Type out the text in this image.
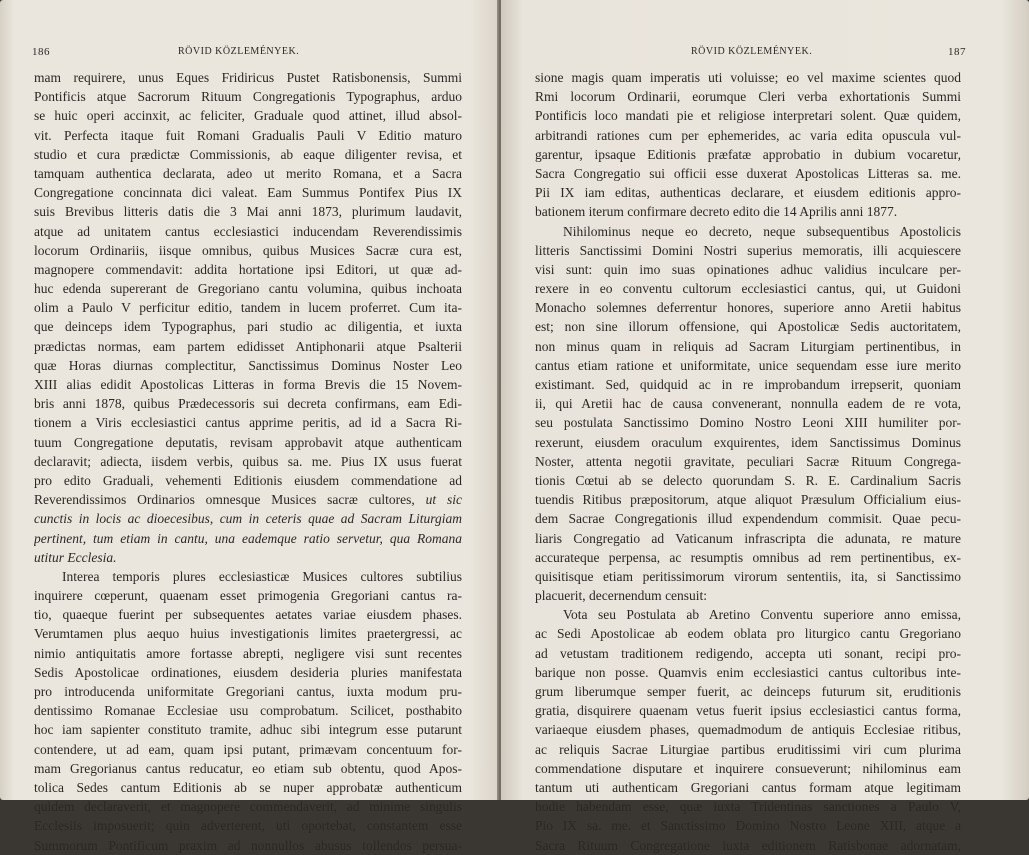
186	RÖVID KÖZLEMÉNYEK.
mam requirere, unus Eques Fridiricus Pustet Ratisbonensis, Summi
Pontificis atque Sacrorum Rituum Congregationis Typographus, arduo
se huic operi accinxit, ac feliciter, Graduale quod attinet, illud absol-
vit. Perfecta itaque fuit Romani Gradualis Pauli V Editio maturo
studio et cura prædictæ Commissionis, ab eaque diligenter revisa, et
tamquam authentica declarata, adeo ut merito Romana, et a Sacra
Congregatione concinnata dici valeat. Eam Summus Pontifex Pius IX
suis Brevibus litteris datis die 3 Mai anni 1873, plurimum laudavit,
atque ad unitatem cantus ecclesiastici inducendam Reverendissimis
locorum Ordinariis, iisque omnibus, quibus Musices Sacræ cura est,
magnopere commendavit: addita hortatione ipsi Editori, ut quæ ad-
huc edenda supererant de Gregoriano cantu volumina, quibus inchoata
olim a Paulo V perficitur editio, tandem in lucem proferret. Cum ita-
que deinceps idem Typographus, pari studio ac diligentia, et iuxta
prædictas normas, eam partem edidisset Antiphonarii atque Psalterii
quæ Horas diurnas complectitur, Sanctissimus Dominus Noster Leo
XIII alias edidit Apostolicas Litteras in forma Brevis die 15 Novem-
bris anni 1878, quibus Prædecessoris sui decreta confirmans, eam Edi-
tionem a Viris ecclesiastici cantus apprime peritis, ad id a Sacra Ri-
tuum Congregatione deputatis, revisam approbavit atque authenticam
declaravit; adiecta, iisdem verbis, quibus sa. me. Pius IX usus fuerat
pro edito Graduali, vehementi Editionis eiusdem commendatione ad
Reverendissimos Ordinarios omnesque Musices sacræ cultores, ut sic
cunctis in locis ac dioecesibus, cum in ceteris quae ad Sacram Liturgiam
pertinent, tum etiam in cantu, una eademque ratio servetur, qua Romana
utitur Ecclesia.
Interea temporis plures ecclesiasticæ Musices cultores subtilius
inquirere cœperunt, quaenam esset primogenia Gregoriani cantus ra-
tio, quaeque fuerint per subsequentes aetates variae eiusdem phases.
Verumtamen plus aequo huius investigationis limites praetergressi, ac
nimio antiquitatis amore fortasse abrepti, negligere visi sunt recentes
Sedis Apostolicae ordinationes, eiusdem desideria pluries manifestata
pro introducenda uniformitate Gregoriani cantus, iuxta modum pru-
dentissimo Romanae Ecclesiae usu comprobatum. Scilicet, posthabito
hoc iam sapienter constituto tramite, adhuc sibi integrum esse putarunt
contendere, ut ad eam, quam ipsi putant, primævam concentuum for-
mam Gregorianus cantus reducatur, eo etiam sub obtentu, quod Apos-
tolica Sedes cantum Editionis ab se nuper approbatæ authenticum
quidem declaraverit, et magnopere commendaverit, ad minime singulis
Ecclesiis imposuerit; quin adverterent, uti oportebat, constantem esse
Summorum Pontificum praxim ad nonnullos abusus tollendos persua-
RÖVID KÖZLEMÉNYEK.	187
sione magis quam imperatis uti voluisse; eo vel maxime scientes quod
Rmi locorum Ordinarii, eorumque Cleri verba exhortationis Summi
Pontificis loco mandati pie et religiose interpretari solent. Quæ quidem,
arbitrandi rationes cum per ephemerides, ac varia edita opuscula vul-
garentur, ipsaque Editionis præfatæ approbatio in dubium vocaretur,
Sacra Congregatio sui officii esse duxerat Apostolicas Litteras sa. me.
Pii IX iam editas, authenticas declarare, et eiusdem editionis appro-
bationem iterum confirmare decreto edito die 14 Aprilis anni 1877.
Nihilominus neque eo decreto, neque subsequentibus Apostolicis
litteris Sanctissimi Domini Nostri superius memoratis, illi acquiescere
visi sunt: quin imo suas opinationes adhuc validius inculcare per-
rexere in eo conventu cultorum ecclesiastici cantus, qui, ut Guidoni
Monacho solemnes deferrentur honores, superiore anno Aretii habitus
est; non sine illorum offensione, qui Apostolicæ Sedis auctoritatem,
non minus quam in reliquis ad Sacram Liturgiam pertinentibus, in
cantus etiam ratione et uniformitate, unice sequendam esse iure merito
existimant. Sed, quidquid ac in re improbandum irrepserit, quoniam
ii, qui Aretii hac de causa convenerant, nonnulla eadem de re vota,
seu postulata Sanctissimo Domino Nostro Leoni XIII humiliter por-
rexerunt, eiusdem oraculum exquirentes, idem Sanctissimus Dominus
Noster, attenta negotii gravitate, peculiari Sacræ Rituum Congrega-
tionis Cœtui ab se delecto quorundam S. R. E. Cardinalium Sacris
tuendis Ritibus præpositorum, atque aliquot Præsulum Officialium eius-
dem Sacrae Congregationis illud expendendum commisit. Quae pecu-
liaris Congregatio ad Vaticanum infrascripta die adunata, re mature
accurateque perpensa, ac resumptis omnibus ad rem pertinentibus, ex-
quisitisque etiam peritissimorum virorum sententiis, ita, si Sanctissimo
placuerit, decernendum censuit:
Vota seu Postulata ab Aretino Conventu superiore anno emissa,
ac Sedi Apostolicae ab eodem oblata pro liturgico cantu Gregoriano
ad vetustam traditionem redigendo, accepta uti sonant, recipi pro-
barique non posse. Quamvis enim ecclesiastici cantus cultoribus inte-
grum liberumque semper fuerit, ac deinceps futurum sit, eruditionis
gratia, disquirere quaenam vetus fuerit ipsius ecclesiastici cantus forma,
variaeque eiusdem phases, quemadmodum de antiquis Ecclesiae ritibus,
ac reliquis Sacrae Liturgiae partibus eruditissimi viri cum plurima
commendatione disputare et inquirere consueverunt; nihilominus eam
tantum uti authenticam Gregoriani cantus formam atque legitimam
hodie habendam esse, quæ iuxta Tridentinas sanctiones a Paulo V,
Pio IX sa. me. et Sanctissimo Domino Nostro Leone XIII, atque a
Sacra Rituum Congregatione iuxta editionem Ratisbonae adornatam,
